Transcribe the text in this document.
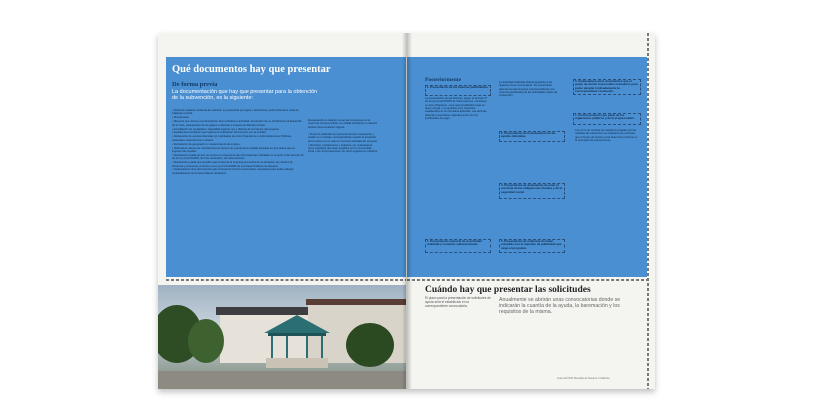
Qué documentos hay que presentar
De forma previa
La documentación que hay que presentar para la obtención de la subvención, es la siguiente:
• Solicitud mediante instancia de solicitud, se presentará por papel o electrónica, podrá obtenerse copia en Catálogo Central.
• Presupuesto.
• Memoria que incluya una descripción de la iniciativa o actividad, devolución de su contribución al desarrollo de la zona, presupuesto de los gastos a efectuar e impacto ambiental previsto.
• Acreditación de propiedad o capacidad legal de uso y disfrute de los bienes del proyecto.
• Aquella documentación que legitime la realización del proyecto por la entidad.
• Declaración de ayudas obtenidas y/o solicitadas de otros Organismos o Administraciones Públicas, nacionales, Autonómicos o locales.
• Declaración de generación o mantenimiento de empleo.
• Solicitud de abono por transferencia al número de cuenta de la entidad bancaria en que desea que se ingresen las ayudas.
• Declaración jurada de que no incurre en ninguna de las circunstancias indicadas en el punto 2 del artículo 13 de la Ley Foral 8/2005, de 9 de noviembre, de subvenciones.
• Declaración jurada que acredite que la idea de la empresa promotora en la actuación de criterios de eficiencia y economía, conforme a la Ley Foral 6/2006 de Contratos Públicos de Navarra.
• Cualesquiera otros documentos que el Grupo de Acción Local estime necesarios para poder adoptar motivadamente la correspondiente resolución.
Exceptuando en relación a que las inversiones en el marco de compra podrán, la entidad solicitante no deberá aportar documentación alguna.
• Proyecto realizado por personal técnico competente y visado en el colegio correspondiente cuando la actuación así lo exija o en su caso la memoria valorada del proyecto.
• Permisos, inscripciones y registros, y/o cualesquiera otros requisitos que sean exigibles por la Comunidad Foral o por el Ayuntamiento y/o otros organismos públicos.
Posteriormente
1. Presentación de las facturas justificativas.
La presentación de las facturas, según el artículo 27 de la Ley Foral 8/2005 de Subvenciones, constituye un acto obligatorio, cuya responsabilidad recae en quien otorga, y se ajustará a los requisitos establecidos en la normativa aplicable. Las facturas deberán presentarse originales junto con los justificantes de pago.
1. Presentación memoria de la actividad realizada y consumo subvencionado.
La actividad realizada deberá ajustarse a los objetivos de la convocatoria. Se presentarán además los documentos correspondientes a la memoria justificativa de las actividades objeto de subvención.
2. Presentación de la declaración de las ayudas obtenidas.
4. Presentación de declaración de estar al corriente de las obligaciones fiscales y de la seguridad social.
5. Presentación de evidencia de haber cumplido con el requisito de publicidad que exige el programa.
6. Cualesquiera otros documentos que el grupo de acción local estime necesarios para poder adoptar motivadamente la correspondiente resolución.
7. Control posterior por parte de los organismos públicos y de la propia Leader.
Con el fin de verificar los requisitos exigidos por las medidas de subvención se realizarán los controles que el Grupo de Acción Local determine conforme a la normativa de subvenciones.
Cuándo hay que presentar las solicitudes
El plazo para la presentación de solicitudes de ayuda será el establecido en la correspondiente convocatoria.
Anualmente se abrirán unas convocatorias donde se indicarán la cuantía de la ayuda, la baremación y los requisitos de la misma.
Guía del PDR Montaña de Navarra / Nafarroa
